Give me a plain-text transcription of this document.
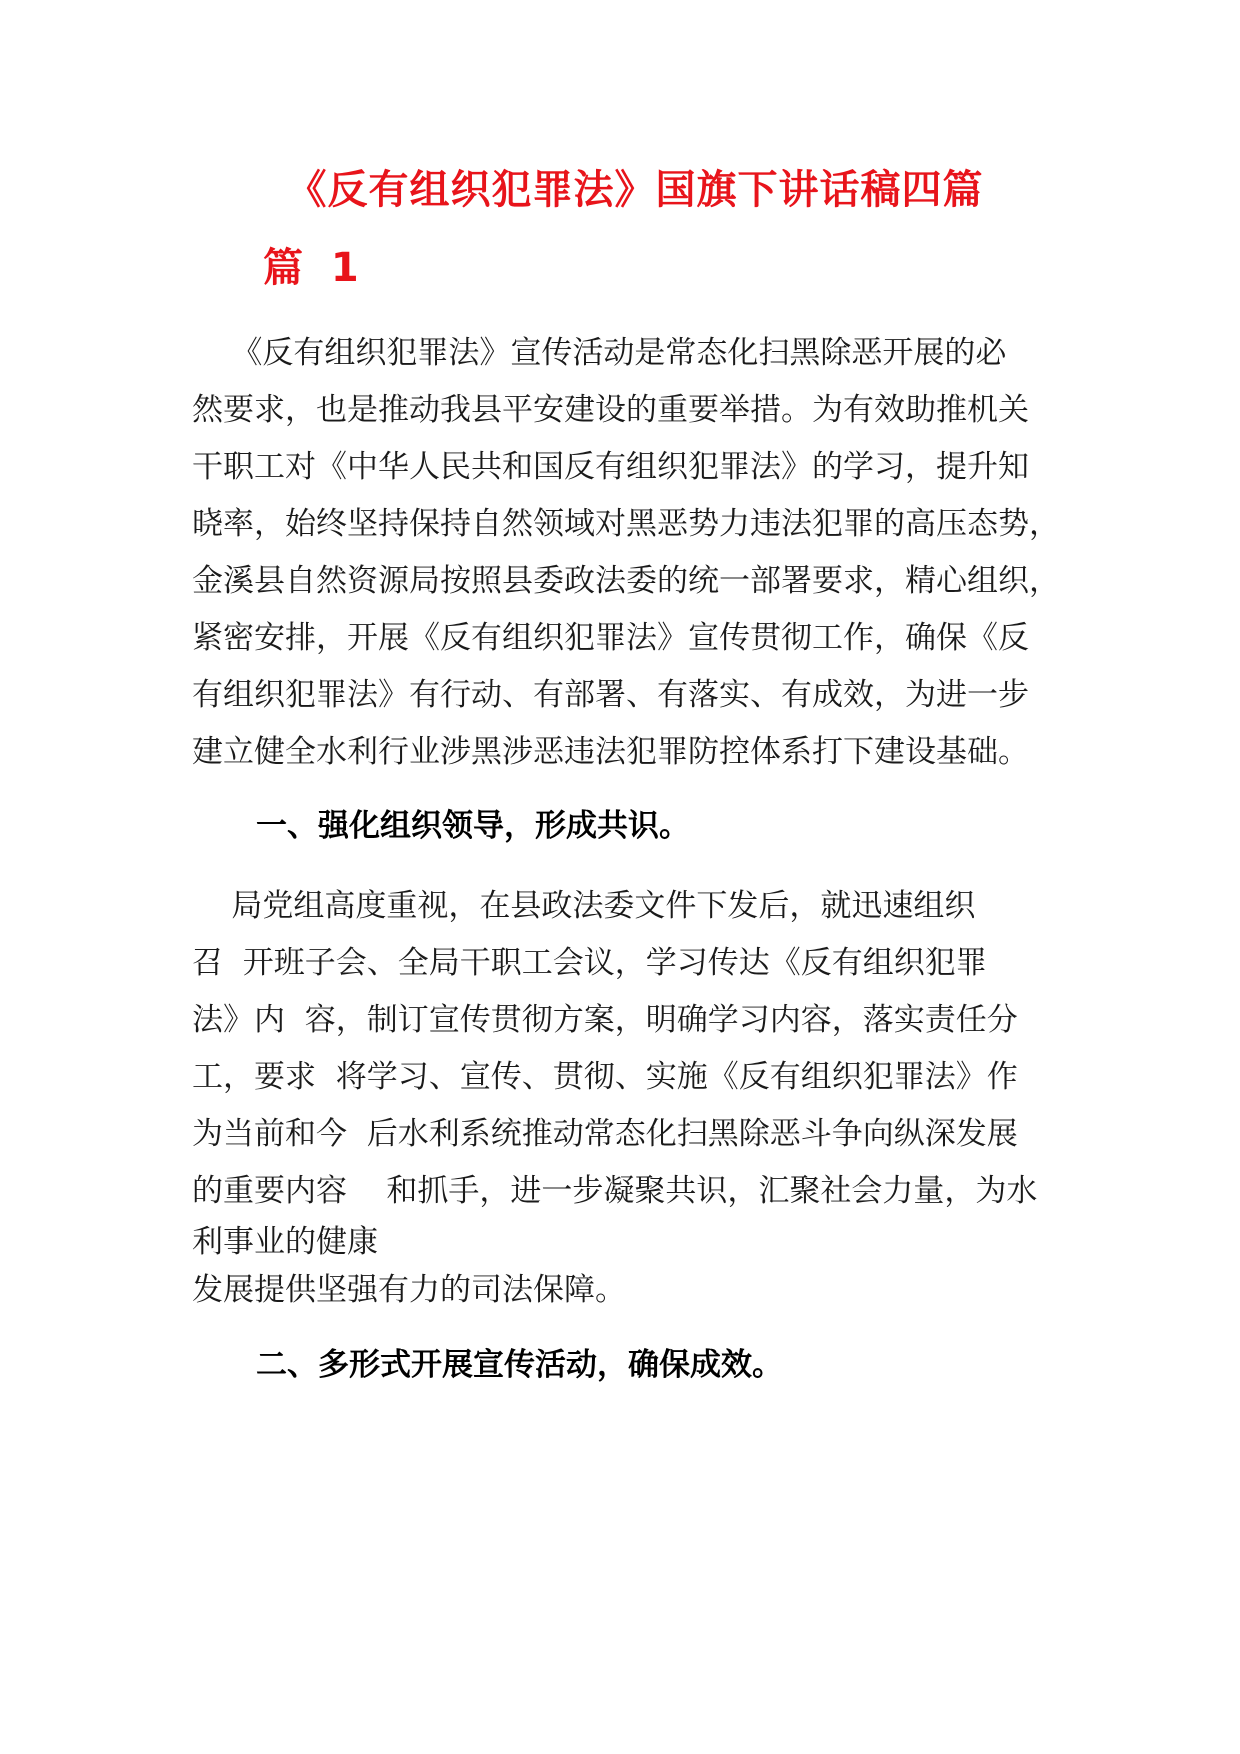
《反有组织犯罪法》国旗下讲话稿四篇
篇  1
《反有组织犯罪法》宣传活动是常态化扫黑除恶开展的必
然要求，也是推动我县平安建设的重要举措。为有效助推机关
干职工对《中华人民共和国反有组织犯罪法》的学习，提升知
晓率，始终坚持保持自然领域对黑恶势力违法犯罪的高压态势，
金溪县自然资源局按照县委政法委的统一部署要求，精心组织，
紧密安排，开展《反有组织犯罪法》宣传贯彻工作，确保《反
有组织犯罪法》有行动、有部署、有落实、有成效，为进一步
建立健全水利行业涉黑涉恶违法犯罪防控体系打下建设基础。
一、强化组织领导，形成共识。
局党组高度重视，在县政法委文件下发后，就迅速组织
召  开班子会、全局干职工会议，学习传达《反有组织犯罪
法》内  容，制订宣传贯彻方案，明确学习内容，落实责任分
工，要求  将学习、宣传、贯彻、实施《反有组织犯罪法》作
为当前和今  后水利系统推动常态化扫黑除恶斗争向纵深发展
的重要内容    和抓手，进一步凝聚共识，汇聚社会力量，为水
利事业的健康
发展提供坚强有力的司法保障。
二、多形式开展宣传活动，确保成效。
